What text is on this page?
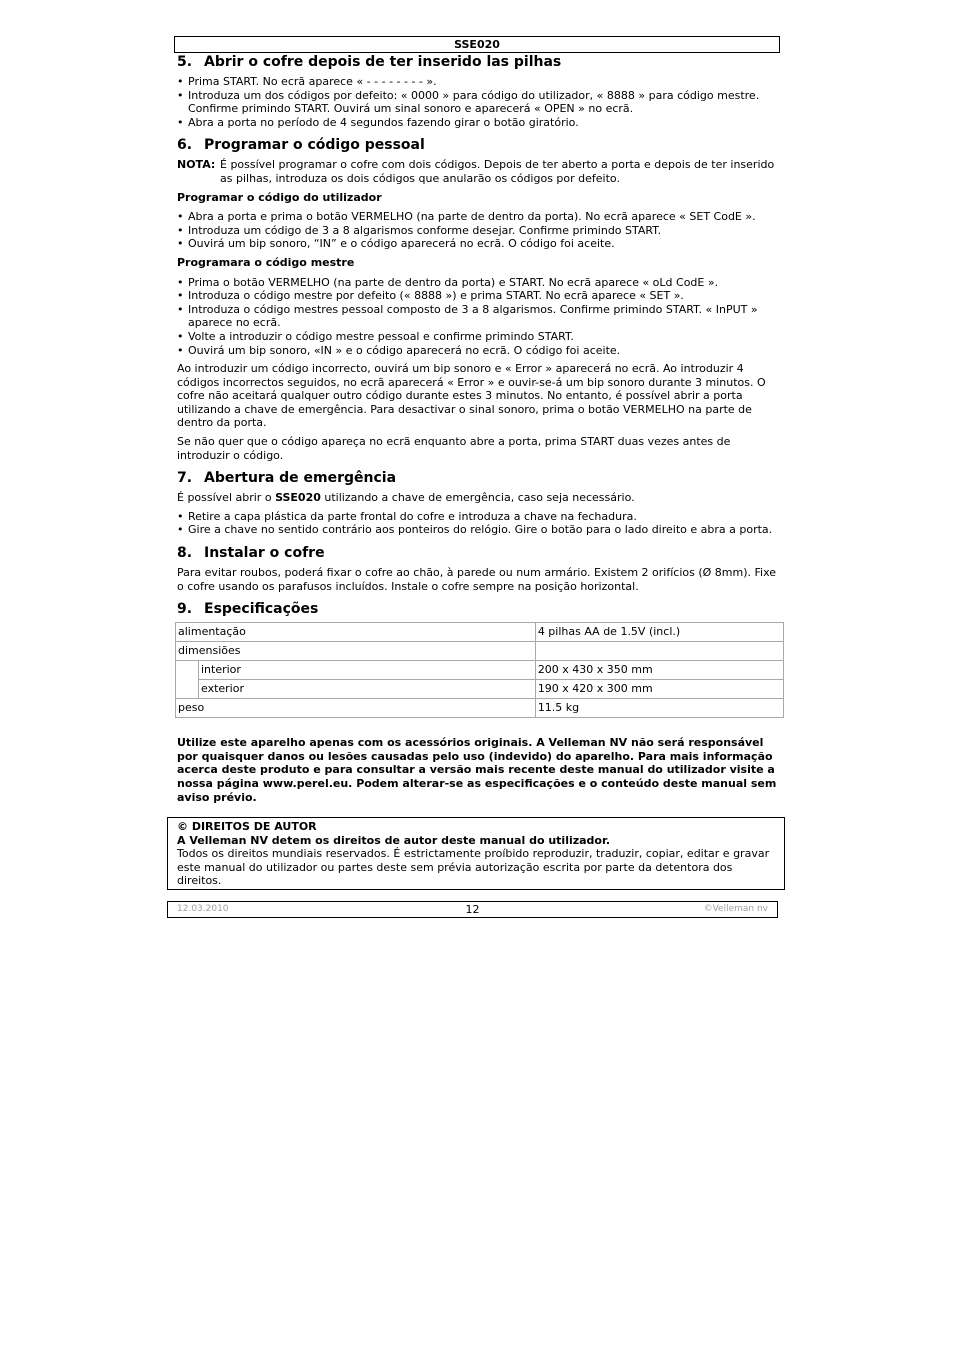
SSE020
5. Abrir o cofre depois de ter inserido las pilhas
• Prima START. No ecrã aparece « - - - - - - - - ».
• Introduza um dos códigos por defeito: « 0000 » para código do utilizador, « 8888 » para código mestre. Confirme primindo START. Ouvirá um sinal sonoro e aparecerá « OPEN » no ecrã.
• Abra a porta no período de 4 segundos fazendo girar o botão giratório.
6. Programar o código pessoal
NOTA: É possível programar o cofre com dois códigos. Depois de ter aberto a porta e depois de ter inserido as pilhas, introduza os dois códigos que anularão os códigos por defeito.
Programar o código do utilizador
• Abra a porta e prima o botão VERMELHO (na parte de dentro da porta). No ecrã aparece « SET CodE ».
• Introduza um código de 3 a 8 algarismos conforme desejar. Confirme primindo START.
• Ouvirá um bip sonoro, “IN” e o código aparecerá no ecrã. O código foi aceite.
Programara o código mestre
• Prima o botão VERMELHO (na parte de dentro da porta) e START. No ecrã aparece « oLd CodE ».
• Introduza o código mestre por defeito (« 8888 ») e prima START. No ecrã aparece « SET ».
• Introduza o código mestres pessoal composto de 3 a 8 algarismos. Confirme primindo START. « InPUT » aparece no ecrã.
• Volte a introduzir o código mestre pessoal e confirme primindo START.
• Ouvirá um bip sonoro, «IN » e o código aparecerá no ecrã. O código foi aceite.

Ao introduzir um código incorrecto, ouvirá um bip sonoro e « Error » aparecerá no ecrã. Ao introduzir 4 códigos incorrectos seguidos, no ecrã aparecerá « Error » e ouvir-se-á um bip sonoro durante 3 minutos. O cofre não aceitará qualquer outro código durante estes 3 minutos. No entanto, é possível abrir a porta utilizando a chave de emergência. Para desactivar o sinal sonoro, prima o botão VERMELHO na parte de dentro da porta.

Se não quer que o código apareça no ecrã enquanto abre a porta, prima START duas vezes antes de introduzir o código.

7. Abertura de emergência

É possível abrir o SSE020 utilizando a chave de emergência, caso seja necessário.

• Retire a capa plástica da parte frontal do cofre e introduza a chave na fechadura.
• Gire a chave no sentido contrário aos ponteiros do relógio. Gire o botão para o lado direito e abra a porta.
8. Instalar o cofre

Para evitar roubos, poderá fixar o cofre ao chão, à parede ou num armário. Existem 2 orifícios (Ø 8mm). Fixe o cofre usando os parafusos incluídos. Instale o cofre sempre na posição horizontal.

9. Especificações
alimentação		4 pilhas AA de 1.5V (incl.)
dimensiões		
	interior	200 x 430 x 350 mm
	exterior	190 x 420 x 300 mm
peso		11.5 kg

Utilize este aparelho apenas com os acessórios originais. A Velleman NV não será responsável por quaisquer danos ou lesões causadas pelo uso (indevido) do aparelho. Para mais informação acerca deste produto e para consultar a versão mais recente deste manual do utilizador visite a nossa página www.perel.eu. Podem alterar-se as especificações e o conteúdo deste manual sem aviso prévio.

© DIREITOS DE AUTOR
A Velleman NV detem os direitos de autor deste manual do utilizador.
Todos os direitos mundiais reservados. É estrictamente proíbido reproduzir, traduzir, copiar, editar e gravar este manual do utilizador ou partes deste sem prévia autorização escrita por parte da detentora dos direitos.
12.03.2010	12	©Velleman nv
